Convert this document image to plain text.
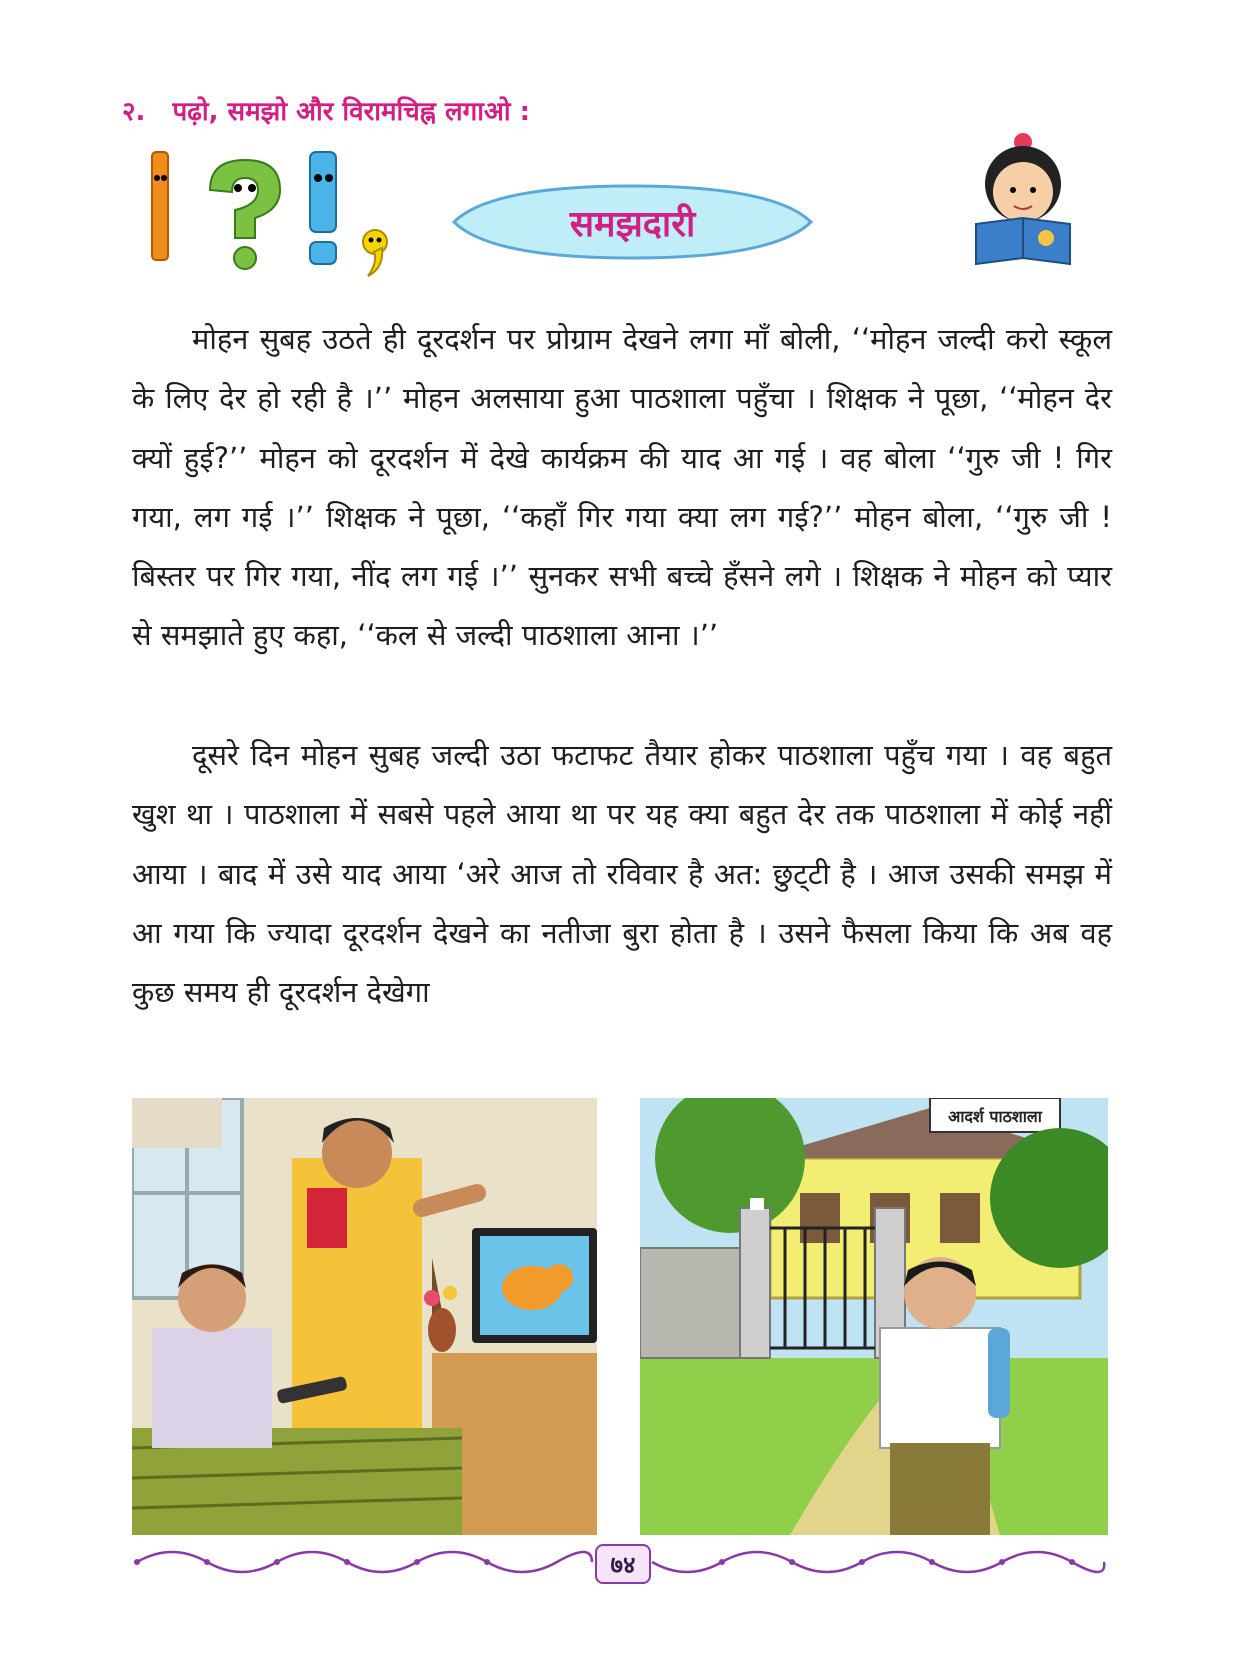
२. पढ़ो, समझो और विरामचिह्न लगाओ :
समझदारी
मोहन सुबह उठते ही दूरदर्शन पर प्रोग्राम देखने लगा माँ बोली, ‘‘मोहन जल्दी करो स्कूल के लिए देर हो रही है ।’’ मोहन अलसाया हुआ पाठशाला पहुँचा । शिक्षक ने पूछा, ‘‘मोहन देर क्यों हुई?’’ मोहन को दूरदर्शन में देखे कार्यक्रम की याद आ गई । वह बोला ‘‘गुरु जी ! गिर गया, लग गई ।’’ शिक्षक ने पूछा, ‘‘कहाँ गिर गया क्या लग गई?’’ मोहन बोला, ‘‘गुरु जी ! बिस्तर पर गिर गया, नींद लग गई ।’’ सुनकर सभी बच्चे हँसने लगे । शिक्षक ने मोहन को प्यार से समझाते हुए कहा, ‘‘कल से जल्दी पाठशाला आना ।’’
दूसरे दिन मोहन सुबह जल्दी उठा फटाफट तैयार होकर पाठशाला पहुँच गया । वह बहुत खुश था । पाठशाला में सबसे पहले आया था पर यह क्या बहुत देर तक पाठशाला में कोई नहीं आया । बाद में उसे याद आया ‘अरे आज तो रविवार है अत: छुट्‌टी है । आज उसकी समझ में आ गया कि ज्यादा दूरदर्शन देखने का नतीजा बुरा होता है । उसने फैसला किया कि अब वह कुछ समय ही दूरदर्शन देखेगा
आदर्श पाठशाला
७४
